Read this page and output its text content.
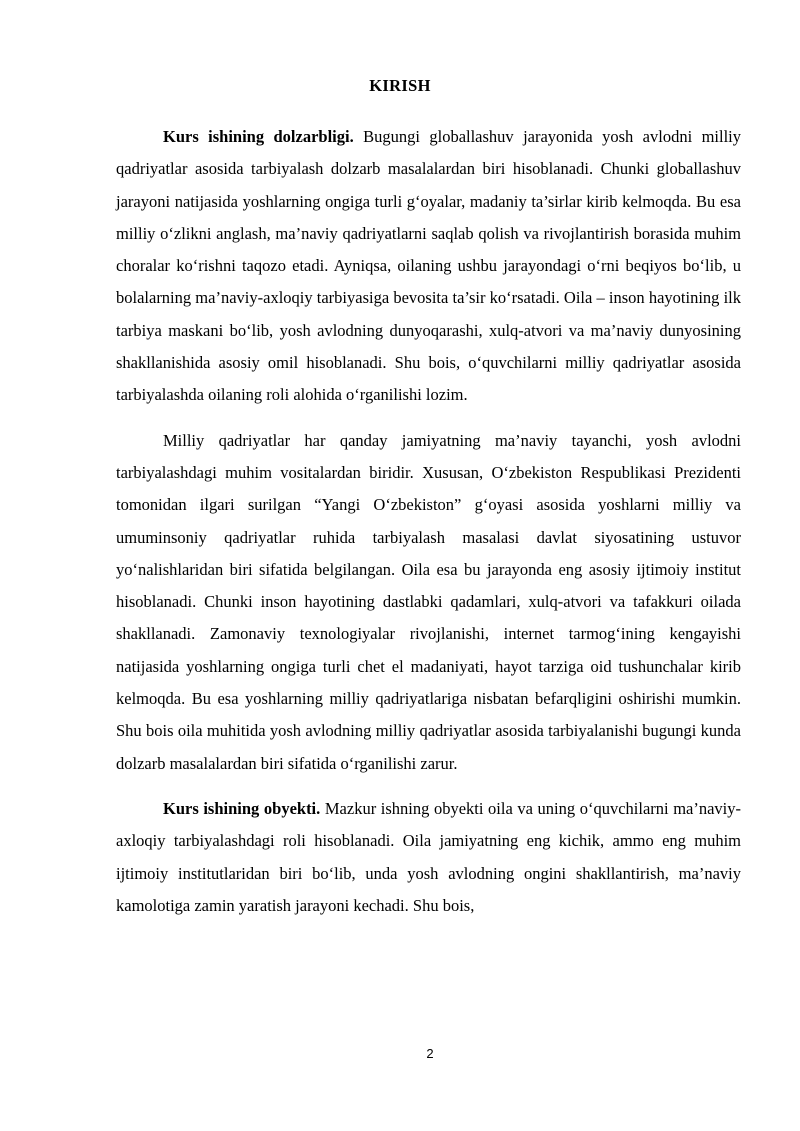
KIRISH

Kurs ishining dolzarbligi. Bugungi globallashuv jarayonida yosh avlodni milliy qadriyatlar asosida tarbiyalash dolzarb masalalardan biri hisoblanadi. Chunki globallashuv jarayoni natijasida yoshlarning ongiga turli g‘oyalar, madaniy ta’sirlar kirib kelmoqda. Bu esa milliy o‘zlikni anglash, ma’naviy qadriyatlarni saqlab qolish va rivojlantirish borasida muhim choralar ko‘rishni taqozo etadi. Ayniqsa, oilaning ushbu jarayondagi o‘rni beqiyos bo‘lib, u bolalarning ma’naviy-axloqiy tarbiyasiga bevosita ta’sir ko‘rsatadi. Oila – inson hayotining ilk tarbiya maskani bo‘lib, yosh avlodning dunyoqarashi, xulq-atvori va ma’naviy dunyosining shakllanishida asosiy omil hisoblanadi. Shu bois, o‘quvchilarni milliy qadriyatlar asosida tarbiyalashda oilaning roli alohida o‘rganilishi lozim.

Milliy qadriyatlar har qanday jamiyatning ma’naviy tayanchi, yosh avlodni tarbiyalashdagi muhim vositalardan biridir. Xususan, O‘zbekiston Respublikasi Prezidenti tomonidan ilgari surilgan “Yangi O‘zbekiston” g‘oyasi asosida yoshlarni milliy va umuminsoniy qadriyatlar ruhida tarbiyalash masalasi davlat siyosatining ustuvor yo‘nalishlaridan biri sifatida belgilangan. Oila esa bu jarayonda eng asosiy ijtimoiy institut hisoblanadi. Chunki inson hayotining dastlabki qadamlari, xulq-atvori va tafakkuri oilada shakllanadi. Zamonaviy texnologiyalar rivojlanishi, internet tarmog‘ining kengayishi natijasida yoshlarning ongiga turli chet el madaniyati, hayot tarziga oid tushunchalar kirib kelmoqda. Bu esa yoshlarning milliy qadriyatlariga nisbatan befarqligini oshirishi mumkin. Shu bois oila muhitida yosh avlodning milliy qadriyatlar asosida tarbiyalanishi bugungi kunda dolzarb masalalardan biri sifatida o‘rganilishi zarur.

Kurs ishining obyekti. Mazkur ishning obyekti oila va uning o‘quvchilarni ma’naviy-axloqiy tarbiyalashdagi roli hisoblanadi. Oila jamiyatning eng kichik, ammo eng muhim ijtimoiy institutlaridan biri bo‘lib, unda yosh avlodning ongini shakllantirish, ma’naviy kamolotiga zamin yaratish jarayoni kechadi. Shu bois,

2
